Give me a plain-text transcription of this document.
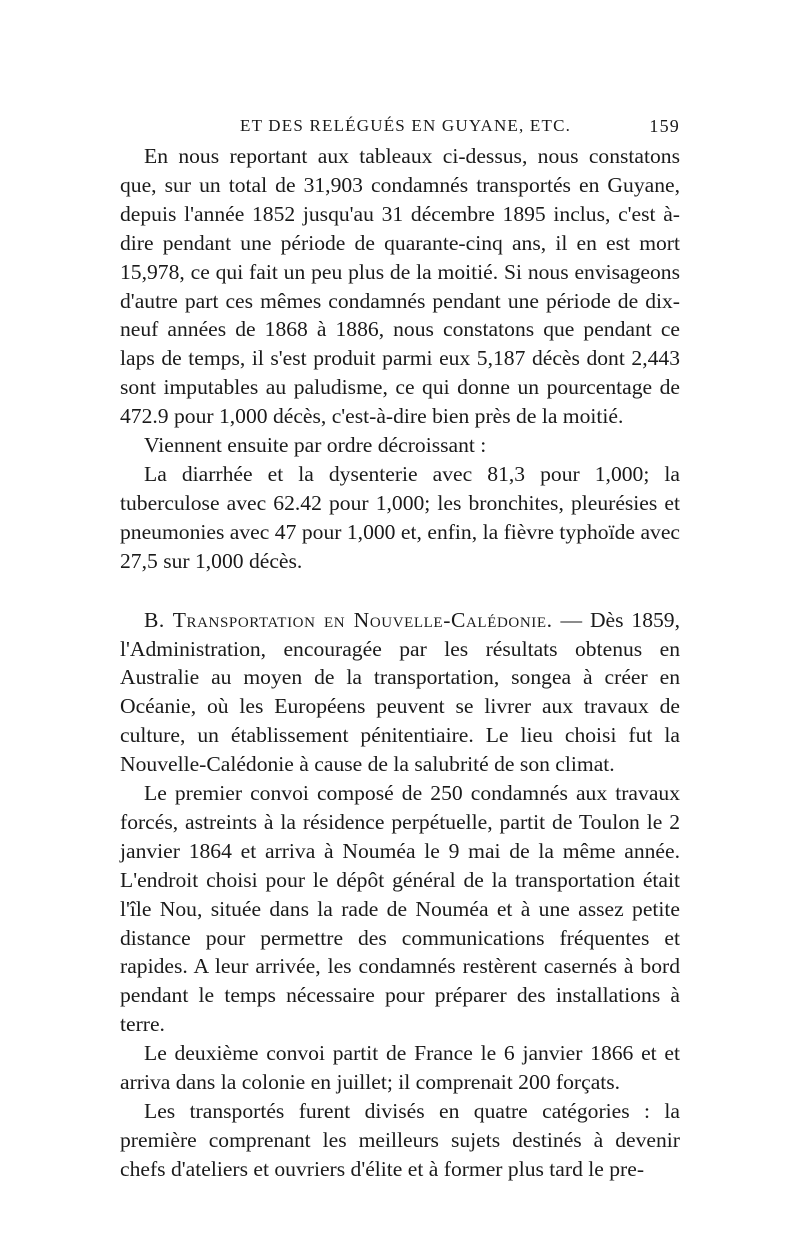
ET DES RELÉGUÉS EN GUYANE, ETC.	159

En nous reportant aux tableaux ci-dessus, nous constatons que, sur un total de 31,903 condamnés transportés en Guyane, depuis l'année 1852 jusqu'au 31 décembre 1895 inclus, c'est à-dire pendant une période de quarante-cinq ans, il en est mort 15,978, ce qui fait un peu plus de la moitié. Si nous envisageons d'autre part ces mêmes condamnés pendant une période de dix-neuf années de 1868 à 1886, nous constatons que pendant ce laps de temps, il s'est produit parmi eux 5,187 décès dont 2,443 sont imputables au paludisme, ce qui donne un pourcentage de 472.9 pour 1,000 décès, c'est-à-dire bien près de la moitié.

Viennent ensuite par ordre décroissant :

La diarrhée et la dysenterie avec 81,3 pour 1,000; la tuberculose avec 62.42 pour 1,000; les bronchites, pleurésies et pneumonies avec 47 pour 1,000 et, enfin, la fièvre typhoïde avec 27,5 sur 1,000 décès.

B. Transportation en Nouvelle-Calédonie. — Dès 1859, l'Administration, encouragée par les résultats obtenus en Australie au moyen de la transportation, songea à créer en Océanie, où les Européens peuvent se livrer aux travaux de culture, un établissement pénitentiaire. Le lieu choisi fut la Nouvelle-Calédonie à cause de la salubrité de son climat.

Le premier convoi composé de 250 condamnés aux travaux forcés, astreints à la résidence perpétuelle, partit de Toulon le 2 janvier 1864 et arriva à Nouméa le 9 mai de la même année. L'endroit choisi pour le dépôt général de la transportation était l'île Nou, située dans la rade de Nouméa et à une assez petite distance pour permettre des communications fréquentes et rapides. A leur arrivée, les condamnés restèrent casernés à bord pendant le temps nécessaire pour préparer des installations à terre.

Le deuxième convoi partit de France le 6 janvier 1866 et et arriva dans la colonie en juillet; il comprenait 200 forçats.

Les transportés furent divisés en quatre catégories : la première comprenant les meilleurs sujets destinés à devenir chefs d'ateliers et ouvriers d'élite et à former plus tard le pre-
